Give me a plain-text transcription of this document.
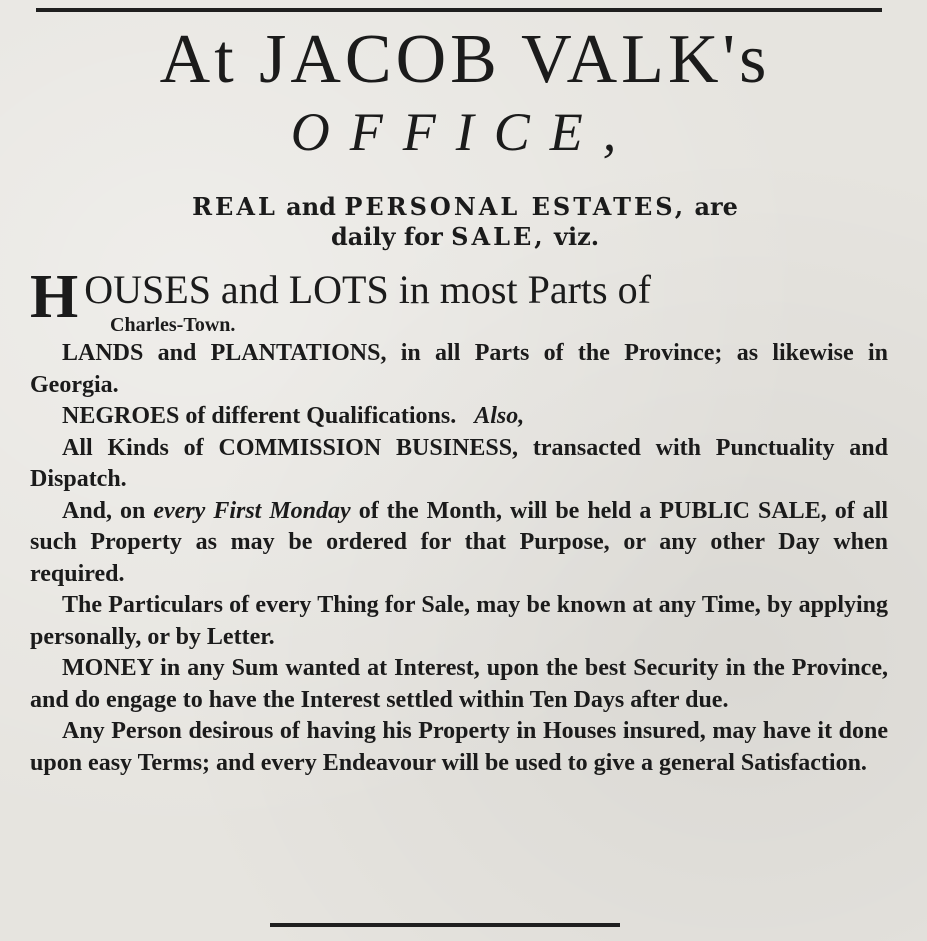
At JACOB VALK's
OFFICE,
REAL and PERSONAL ESTATES, are
daily for SALE, viz.
H OUSES and LOTS in most Parts of
Charles-Town.

LANDS and PLANTATIONS, in all Parts of the Province; as likewise in Georgia.

NEGROES of different Qualifications. Also,

All Kinds of COMMISSION BUSINESS, transacted with Punctuality and Dispatch.

And, on every First Monday of the Month, will be held a PUBLIC SALE, of all such Property as may be ordered for that Purpose, or any other Day when required.

The Particulars of every Thing for Sale, may be known at any Time, by applying personally, or by Letter.

MONEY in any Sum wanted at Interest, upon the best Security in the Province, and do engage to have the Interest settled within Ten Days after due.

Any Person desirous of having his Property in Houses insured, may have it done upon easy Terms; and every Endeavour will be used to give a general Satisfaction.
